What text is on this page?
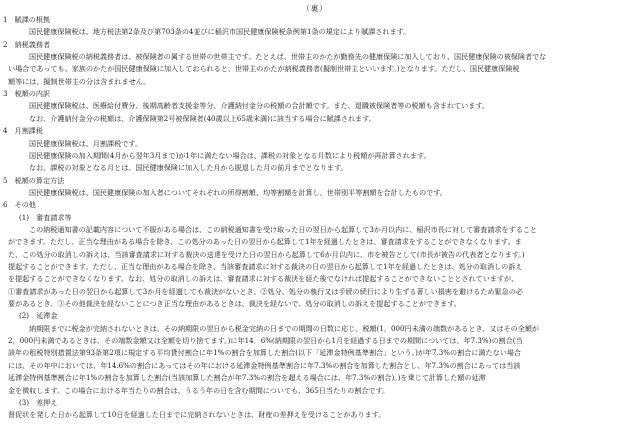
（裏）
1　賦課の根拠
国民健康保険税は、地方税法第2条及び第703条の4並びに稲沢市国民健康保険税条例第1条の規定により賦課されます。
2　納税義務者
国民健康保険税の納税義務者は、被保険者の属する世帯の世帯主です。たとえば、世帯主のかたが勤務先の健康保険に加入しており、国民健康保険の被保険者でな
い場合であっても、家族のかたが国民健康保険に加入しておられると、世帯主のかたが納税義務者(擬制世帯主といいます。)となります。ただし、国民健康保険税
額等には、擬制世帯主の分は含まれません。
3　税額の内訳
国民健康保険税は、医療給付費分、後期高齢者支援金等分、介護納付金分の税額の合計額です。また、退職被保険者等の税額も含まれています。
なお、介護納付金分の税額は、介護保険第2号被保険者(40歳以上65歳未満)に該当する場合に賦課されます。
4　月割課税
国民健康保険税は、月割課税です。
国民健康保険の加入期間(4月から翌年3月まで)が1年に満たない場合は、課税の対象となる月数により税額が再計算されます。
なお、課税の対象となる月とは、国民健康保険に加入した月から脱退した月の前月までとなります。
5　税額の算定方法
国民健康保険税は、国民健康保険の加入者についてそれぞれの所得割額、均等割額を計算し、世帯別平等割額を合計したものです。
6　その他
(1)　審査請求等
この納税通知書の記載内容について不服がある場合は、この納税通知書を受け取った日の翌日から起算して3か月以内に、稲沢市長に対して審査請求をすること
ができます。ただし、正当な理由がある場合を除き、この処分のあった日の翌日から起算して1年を経過したときは、審査請求をすることができなくなります。ま
た、この処分の取消しの訴えは、当該審査請求に対する裁決の送達を受けた日の翌日から起算して6か月以内に、市を被告として(市長が被告の代表者となります。)
提起することができます。ただし、正当な理由がある場合を除き、当該審査請求に対する裁決の日の翌日から起算して1年を経過したときは、処分の取消しの訴え
を提起することができなくなります。なお、処分の取消しの訴えは、審査請求に対する裁決を経た後でなければ提起することができないこととされていますが、
①審査請求があった日の翌日から起算して3か月を経過しても裁決がないとき、②処分、処分の執行又は手続の続行により生ずる著しい損害を避けるため緊急の必
要があるとき、③その他裁決を経ないことにつき正当な理由があるときは、裁決を経ないで、処分の取消しの訴えを提起することができます。
(2)　延滞金
納期限までに税金が完納されないときは、その納期限の翌日から税金完納の日までの期間の日数に応じ、税額(1，000円未満の端数があるとき、又はその全額が
2，000円未満であるときは、その端数金額又は全額を切り捨てます。)に年14．6%(納期限の翌日から1月を経過する日までの期間については、年7.3%)の割合(当
該年の租税特別措置法第93条第2項に規定する平均貸付割合に年1%の割合を加算した割合(以下「延滞金特例基準割合」という。)が年7.3%の割合に満たない場合
には、その年中においては、年14.6%の割合にあってはその年における延滞金特例基準割合に年7.3%の割合を加算した割合とし、年7.3%の割合にあっては当該
延滞金特例基準割合に年1%の割合を加算した割合(当該加算した割合が年7.3%の割合を超える場合には、年7.3%の割合)。)を乗じて計算した額の延滞
金を徴収します。この場合における年当たりの割合は、うるう年の日を含む期間についても、365日当たりの割合です。
(3)　差押え
督促状を発した日から起算して10日を経過した日までに完納されないときは、財産の差押えを受けることがあります。
